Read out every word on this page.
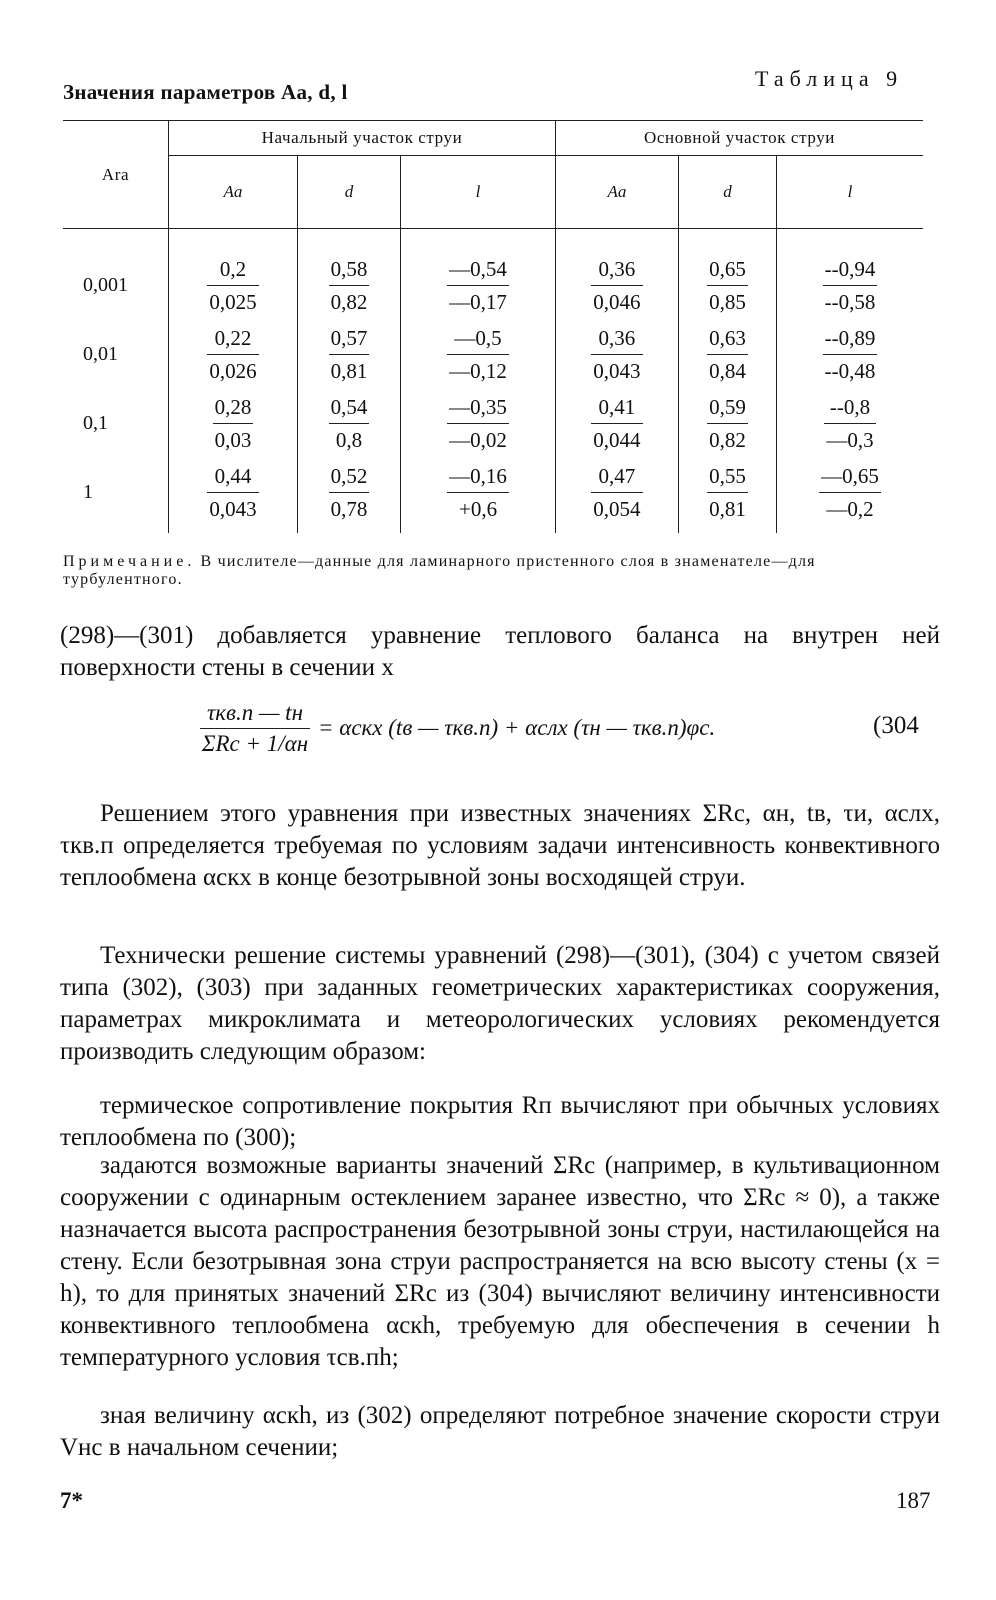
Значения параметров Aa, d, l
Таблица 9
Ara	Начальный участок струи			Основной участок струи		
	Aa	d	l	Aa	d	l
0,001	$\frac{0,2}{0,025}$	$\frac{0,58}{0,82}$	$\frac{—0,54}{—0,17}$	$\frac{0,36}{0,046}$	$\frac{0,65}{0,85}$	$\frac{--0,94}{--0,58}$

0,01	$\frac{0,22}{0,026}$	$\frac{0,57}{0,81}$	$\frac{—0,5}{—0,12}$	$\frac{0,36}{0,043}$	$\frac{0,63}{0,84}$	$\frac{--0,89}{--0,48}$

0,1	$\frac{0,28}{0,03}$	$\frac{0,54}{0,8}$	$\frac{—0,35}{—0,02}$	$\frac{0,41}{0,044}$	$\frac{0,59}{0,82}$	$\frac{--0,8}{—0,3}$

1	$\frac{0,44}{0,043}$	$\frac{0,52}{0,78}$	$\frac{—0,16}{+0,6}$	$\frac{0,47}{0,054}$	$\frac{0,55}{0,81}$	$\frac{—0,65}{—0,2}$
Примечание. В числителе—данные для ламинарного пристенного слоя в знаменателе—для турбулентного.
(298)—(301) добавляется уравнение теплового баланса на внутрен ней поверхности стены в сечении x
τкв.п — tн
ΣRс + 1/αн
= αскx (tв — τкв.п) + αслx (τн — τкв.п)φс.	(304
Решением этого уравнения при известных значениях ΣRс, αн, tв, τи, αслx, τкв.п определяется требуемая по условиям задачи интенсивность конвективного теплообмена αскx в конце безотрывной зоны восходящей струи.
Технически решение системы уравнений (298)—(301), (304) с учетом связей типа (302), (303) при заданных геометрических характеристиках сооружения, параметрах микроклимата и метеорологических условиях рекомендуется производить следующим образом:
термическое сопротивление покрытия Rп вычисляют при обычных условиях теплообмена по (300);
задаются возможные варианты значений ΣRс (например, в культивационном сооружении с одинарным остеклением заранее известно, что ΣRс ≈ 0), а также назначается высота распространения безотрывной зоны струи, настилающейся на стену. Если безотрывная зона струи распространяется на всю высоту стены (x = h), то для принятых значений ΣRс из (304) вычисляют величину интенсивности конвективного теплообмена αскh, требуемую для обеспечения в сечении h температурного условия τсв.пh;
зная величину αскh, из (302) определяют потребное значение скорости струи Vнс в начальном сечении;
7*	187
